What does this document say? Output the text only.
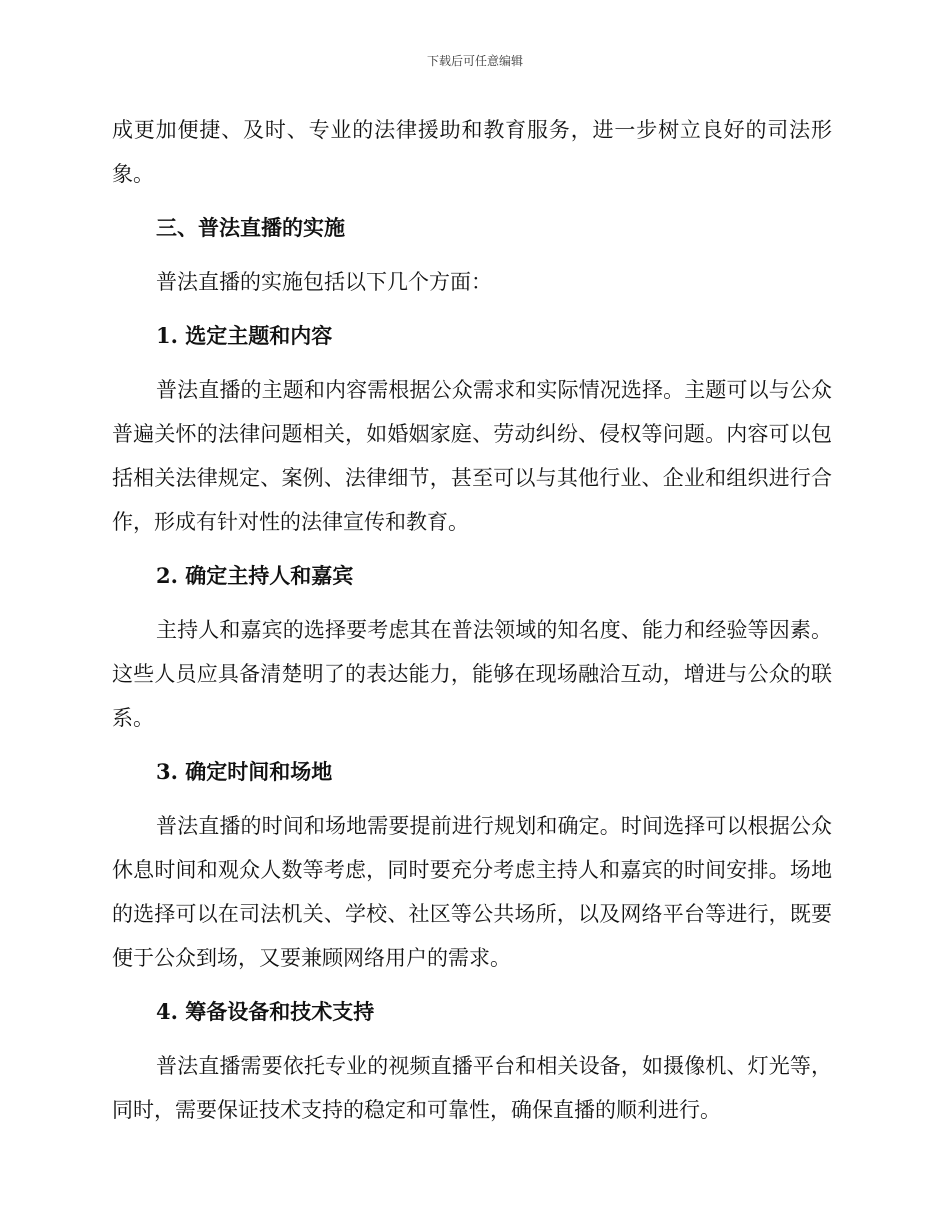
下载后可任意编辑

成更加便捷、及时、专业的法律援助和教育服务，进一步树立良好的司法形象。

三、普法直播的实施

普法直播的实施包括以下几个方面：

1. 选定主题和内容

普法直播的主题和内容需根据公众需求和实际情况选择。主题可以与公众普遍关怀的法律问题相关，如婚姻家庭、劳动纠纷、侵权等问题。内容可以包括相关法律规定、案例、法律细节，甚至可以与其他行业、企业和组织进行合作，形成有针对性的法律宣传和教育。

2. 确定主持人和嘉宾

主持人和嘉宾的选择要考虑其在普法领域的知名度、能力和经验等因素。这些人员应具备清楚明了的表达能力，能够在现场融洽互动，增进与公众的联系。

3. 确定时间和场地

普法直播的时间和场地需要提前进行规划和确定。时间选择可以根据公众休息时间和观众人数等考虑，同时要充分考虑主持人和嘉宾的时间安排。场地的选择可以在司法机关、学校、社区等公共场所，以及网络平台等进行，既要便于公众到场，又要兼顾网络用户的需求。

4. 筹备设备和技术支持

普法直播需要依托专业的视频直播平台和相关设备，如摄像机、灯光等，同时，需要保证技术支持的稳定和可靠性，确保直播的顺利进行。
